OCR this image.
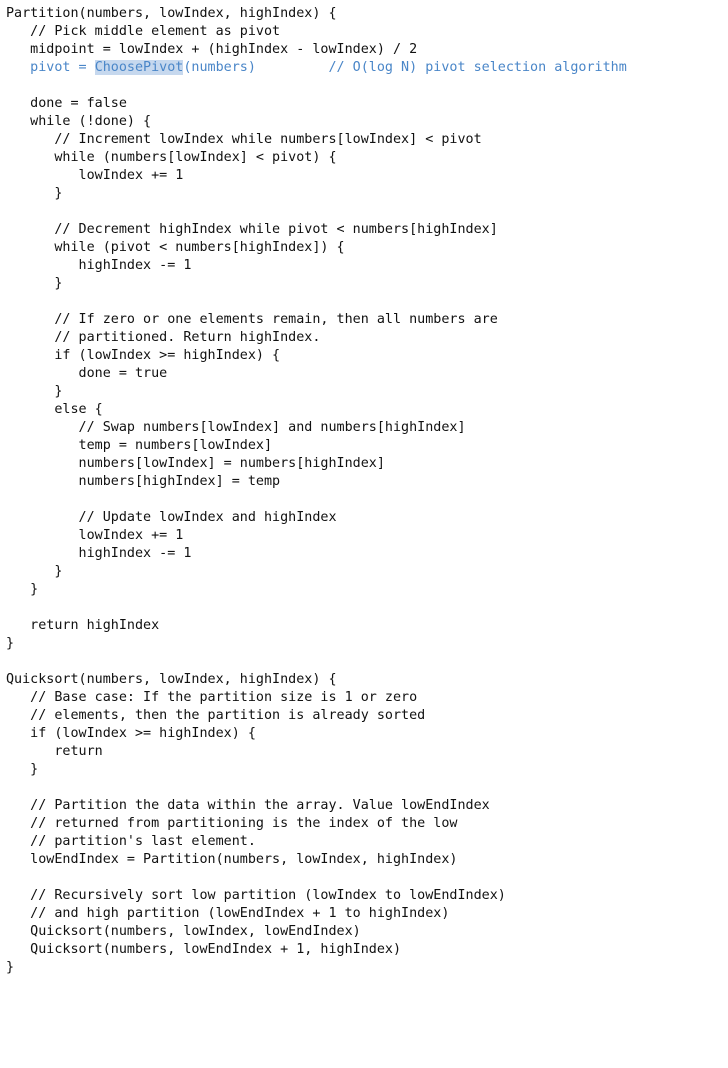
Partition(numbers, lowIndex, highIndex) {
// Pick middle element as pivot
midpoint = lowIndex + (highIndex - lowIndex) / 2
pivot = ChoosePivot(numbers)         // O(log N) pivot selection algorithm
done = false
while (!done) {
// Increment lowIndex while numbers[lowIndex] < pivot
while (numbers[lowIndex] < pivot) {
lowIndex += 1
}
// Decrement highIndex while pivot < numbers[highIndex]
while (pivot < numbers[highIndex]) {
highIndex -= 1
}
// If zero or one elements remain, then all numbers are
// partitioned. Return highIndex.
if (lowIndex >= highIndex) {
done = true
}
else {
// Swap numbers[lowIndex] and numbers[highIndex]
temp = numbers[lowIndex]
numbers[lowIndex] = numbers[highIndex]
numbers[highIndex] = temp
// Update lowIndex and highIndex
lowIndex += 1
highIndex -= 1
}
}
return highIndex
}
Quicksort(numbers, lowIndex, highIndex) {
// Base case: If the partition size is 1 or zero
// elements, then the partition is already sorted
if (lowIndex >= highIndex) {
return
}
// Partition the data within the array. Value lowEndIndex
// returned from partitioning is the index of the low
// partition's last element.
lowEndIndex = Partition(numbers, lowIndex, highIndex)
// Recursively sort low partition (lowIndex to lowEndIndex)
// and high partition (lowEndIndex + 1 to highIndex)
Quicksort(numbers, lowIndex, lowEndIndex)
Quicksort(numbers, lowEndIndex + 1, highIndex)
}
